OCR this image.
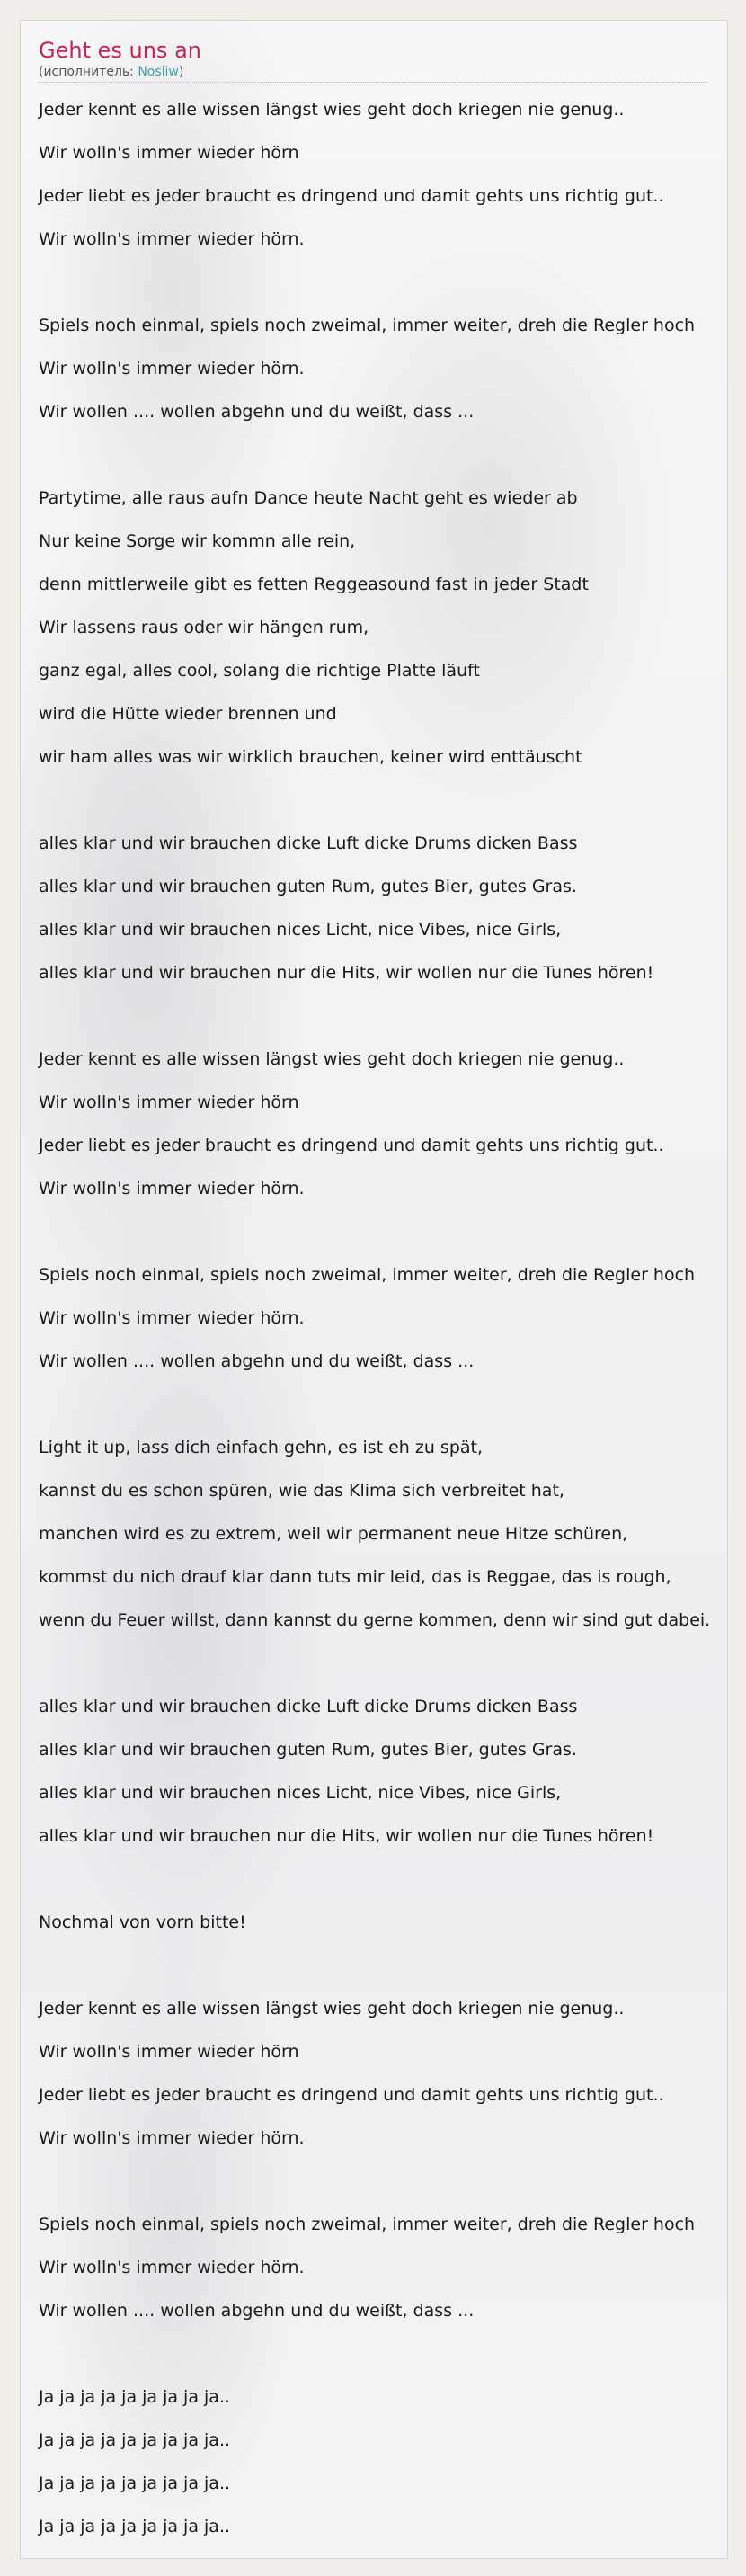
Geht es uns an
(исполнитель: Nosliw)
Jeder kennt es alle wissen längst wies geht doch kriegen nie genug..
Wir wolln's immer wieder hörn
Jeder liebt es jeder braucht es dringend und damit gehts uns richtig gut..
Wir wolln's immer wieder hörn.
Spiels noch einmal, spiels noch zweimal, immer weiter, dreh die Regler hoch
Wir wolln's immer wieder hörn.
Wir wollen .... wollen abgehn und du weißt, dass ...
Partytime, alle raus aufn Dance heute Nacht geht es wieder ab
Nur keine Sorge wir kommn alle rein,
denn mittlerweile gibt es fetten Reggeasound fast in jeder Stadt
Wir lassens raus oder wir hängen rum,
ganz egal, alles cool, solang die richtige Platte läuft
wird die Hütte wieder brennen und
wir ham alles was wir wirklich brauchen, keiner wird enttäuscht
alles klar und wir brauchen dicke Luft dicke Drums dicken Bass
alles klar und wir brauchen guten Rum, gutes Bier, gutes Gras.
alles klar und wir brauchen nices Licht, nice Vibes, nice Girls,
alles klar und wir brauchen nur die Hits, wir wollen nur die Tunes hören!
Jeder kennt es alle wissen längst wies geht doch kriegen nie genug..
Wir wolln's immer wieder hörn
Jeder liebt es jeder braucht es dringend und damit gehts uns richtig gut..
Wir wolln's immer wieder hörn.
Spiels noch einmal, spiels noch zweimal, immer weiter, dreh die Regler hoch
Wir wolln's immer wieder hörn.
Wir wollen .... wollen abgehn und du weißt, dass ...
Light it up, lass dich einfach gehn, es ist eh zu spät,
kannst du es schon spüren, wie das Klima sich verbreitet hat,
manchen wird es zu extrem, weil wir permanent neue Hitze schüren,
kommst du nich drauf klar dann tuts mir leid, das is Reggae, das is rough,
wenn du Feuer willst, dann kannst du gerne kommen, denn wir sind gut dabei.
alles klar und wir brauchen dicke Luft dicke Drums dicken Bass
alles klar und wir brauchen guten Rum, gutes Bier, gutes Gras.
alles klar und wir brauchen nices Licht, nice Vibes, nice Girls,
alles klar und wir brauchen nur die Hits, wir wollen nur die Tunes hören!
Nochmal von vorn bitte!
Jeder kennt es alle wissen längst wies geht doch kriegen nie genug..
Wir wolln's immer wieder hörn
Jeder liebt es jeder braucht es dringend und damit gehts uns richtig gut..
Wir wolln's immer wieder hörn.
Spiels noch einmal, spiels noch zweimal, immer weiter, dreh die Regler hoch
Wir wolln's immer wieder hörn.
Wir wollen .... wollen abgehn und du weißt, dass ...
Ja ja ja ja ja ja ja ja ja..
Ja ja ja ja ja ja ja ja ja..
Ja ja ja ja ja ja ja ja ja..
Ja ja ja ja ja ja ja ja ja..
